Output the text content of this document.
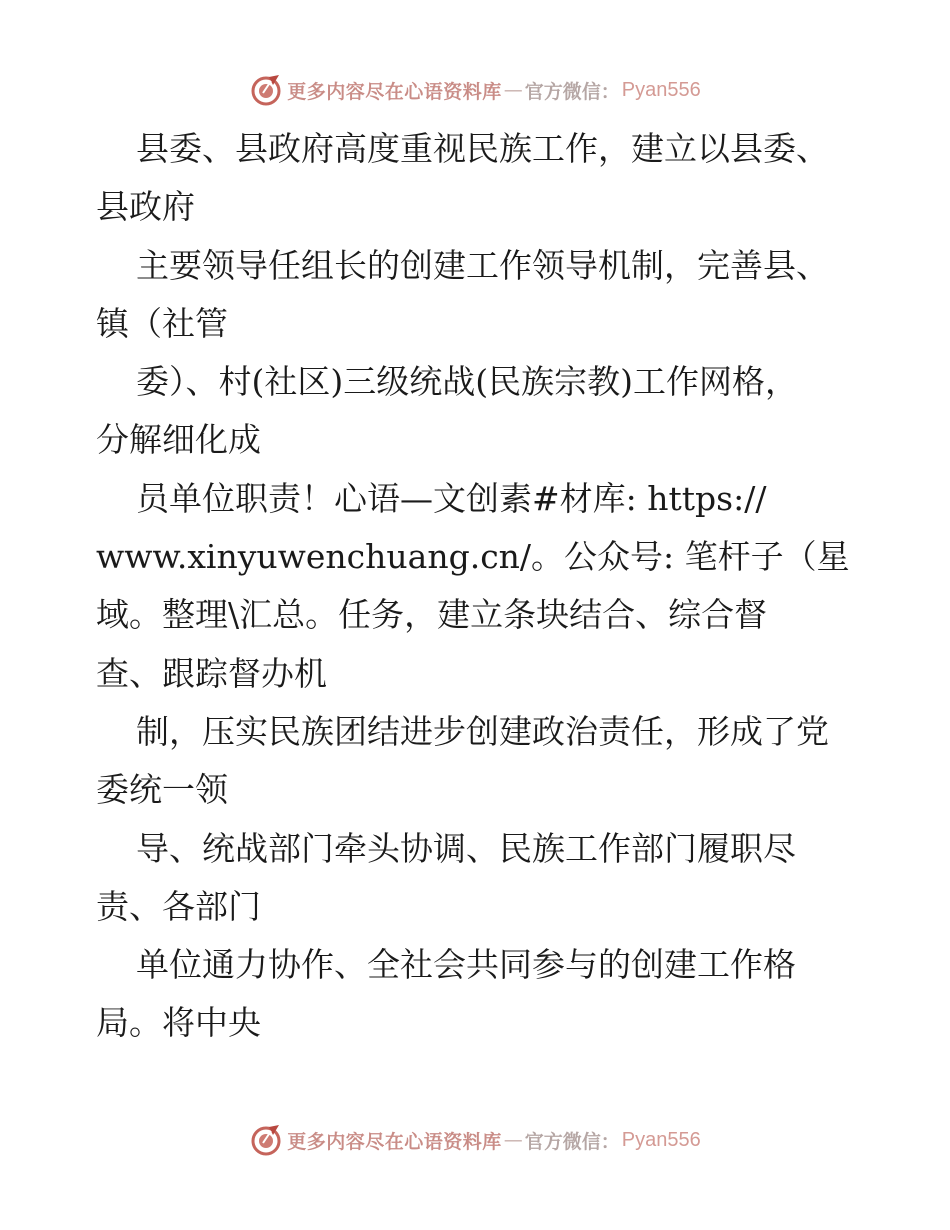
更多内容尽在心语资料库 — 官方微信： Pyan556
县委、县政府高度重视民族工作，建立以县委、
县政府
主要领导任组长的创建工作领导机制，完善县、
镇（社管
委）、村(社区)三级统战(民族宗教)工作网格，
分解细化成
员单位职责！心语—文创素#材库: https://
www.xinyuwenchuang.cn/。公众号: 笔杆子（星
域。整理\汇总。任务，建立条块结合、综合督
查、跟踪督办机
制，压实民族团结进步创建政治责任，形成了党
委统一领
导、统战部门牵头协调、民族工作部门履职尽
责、各部门
单位通力协作、全社会共同参与的创建工作格
局。将中央
更多内容尽在心语资料库 — 官方微信： Pyan556
